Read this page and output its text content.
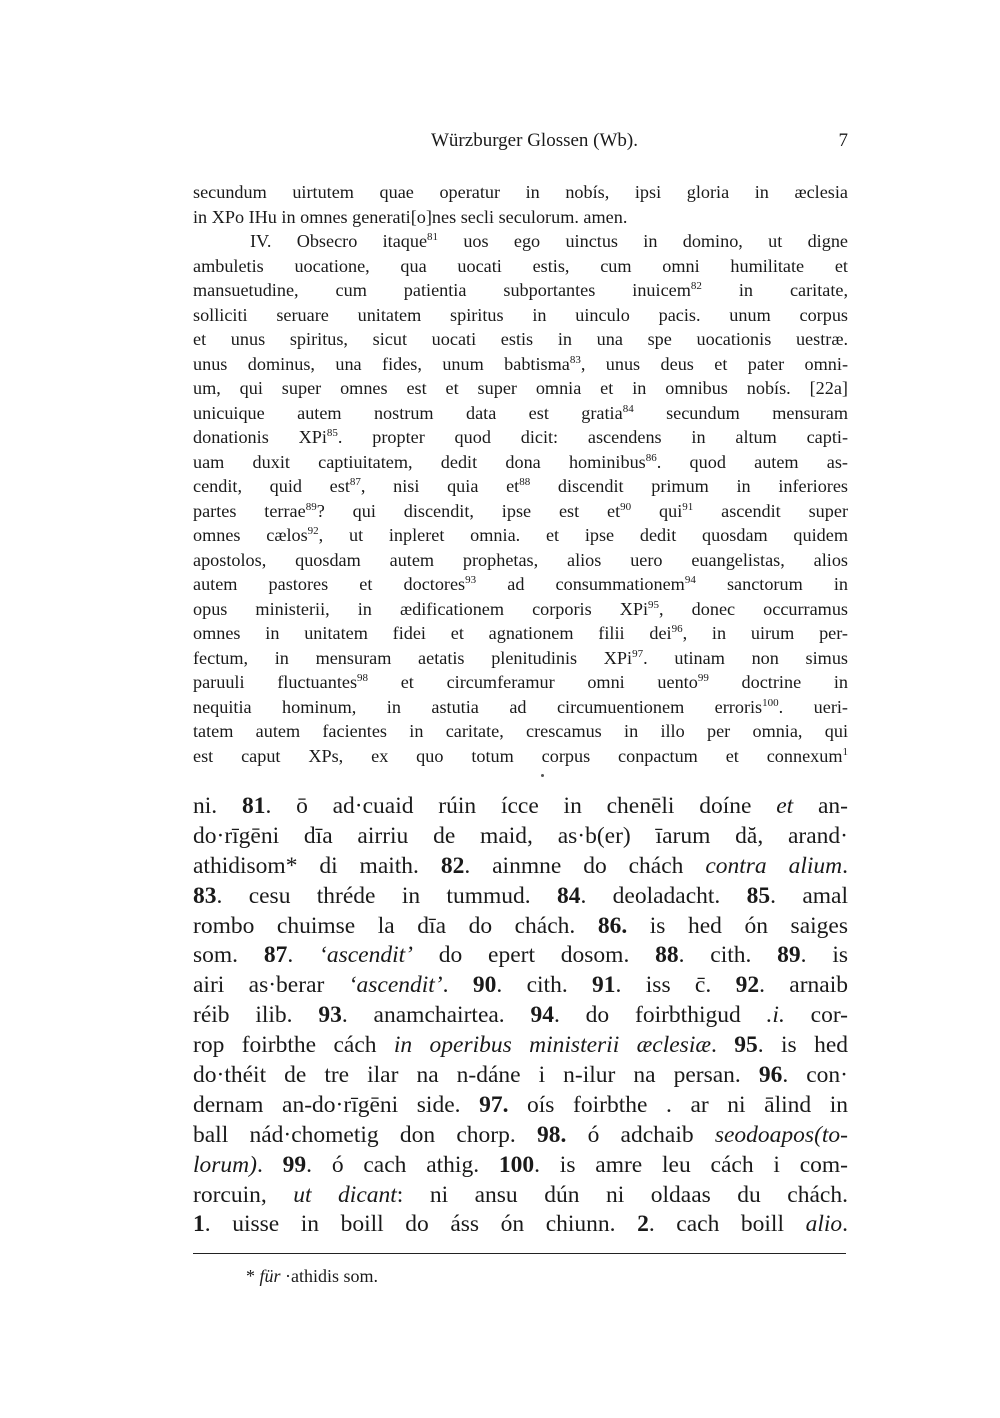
Würzburger Glossen (Wb).	7
secundum uirtutem quae operatur in nobís, ipsi gloria in æclesia
in XPo IHu in omnes generati[o]nes secli seculorum. amen.
IV. Obsecro itaque$^{81}$ uos ego uinctus in domino, ut digne
ambuletis uocatione, qua uocati estis, cum omni humilitate et
mansuetudine, cum patientia subportantes inuicem$^{82}$ in caritate,
solliciti seruare unitatem spiritus in uinculo pacis. unum corpus
et unus spiritus, sicut uocati estis in una spe uocationis uestræ.
unus dominus, una fides, unum babtisma$^{83}$, unus deus et pater omni-
um, qui super omnes est et super omnia et in omnibus nobís. [22a]
unicuique autem nostrum data est gratia$^{84}$ secundum mensuram
donationis XPi$^{85}$. propter quod dicit: ascendens in altum capti-
uam duxit captiuitatem, dedit dona hominibus$^{86}$. quod autem as-
cendit, quid est$^{87}$, nisi quia $et^{88}$ discendit primum in inferiores
partes terrae$^{89}$? qui discendit, ipse est $et^{90}$ qui$^{91}$ ascendit super
omnes cælos$^{92}$, ut inpleret omnia. et ipse dedit quosdam quidem
apostolos, quosdam autem prophetas, alios uero euangelistas, alios
autem pastores et doctores$^{93}$ ad consummationem$^{94}$ sanctorum in
opus ministerii, in ædificationem corporis XPi$^{95}$, donec occurramus
omnes in unitatem fidei et agnationem filii dei$^{96}$, in uirum per-
fectum, in mensuram aetatis plenitudinis XPi$^{97}$. utinam non simus
paruuli fluctuantes$^{98}$ et circumferamur omni uento$^{99}$ doctrine in
nequitia hominum, in astutia ad circumuentionem erroris$^{100}$. ueri-
tatem autem facientes in caritate, crescamus in illo per omnia, qui
est caput XPs, ex quo totum corpus conpactum et connexum$^1$
ni. 81. ō ad·cuaid rúin ícce in chenēli doíne et an-
do·rīgēni dīa airriu de maid, as·b(er) īarum dă, arand·
athidisom* di maith. 82. ainmne do chách contra alium.
83. cesu thréde in tummud. 84. deoladacht. 85. amal
rombo chuimse la dīa do chách. 86. is hed ón saiges
som. 87. ‘ascendit’ do epert dosom. 88. cith. 89. is
airi as·berar ‘ascendit’. 90. cith. 91. iss c̄. 92. arnaib
réib ilib. 93. anamchairtea. 94. do foirbthigud .i. cor-
rop foirbthe cách in operibus ministerii æclesiæ. 95. is hed
do·théit de tre ilar na n-dáne i n-ilur na persan. 96. con·
dernam an-do·rīgēni side. 97. oís foirbthe . ar ni ālind in
ball nád·chometig don chorp. 98. ó adchaib seodoapos(to-
lorum). 99. ó cach athig. 100. is amre leu cách i com-
rorcuin, ut dicant: ni ansu dún ni oldaas du chách.
1. uisse in boill do áss ón chiunn. 2. cach boill alio.
* für ·athidis som.
